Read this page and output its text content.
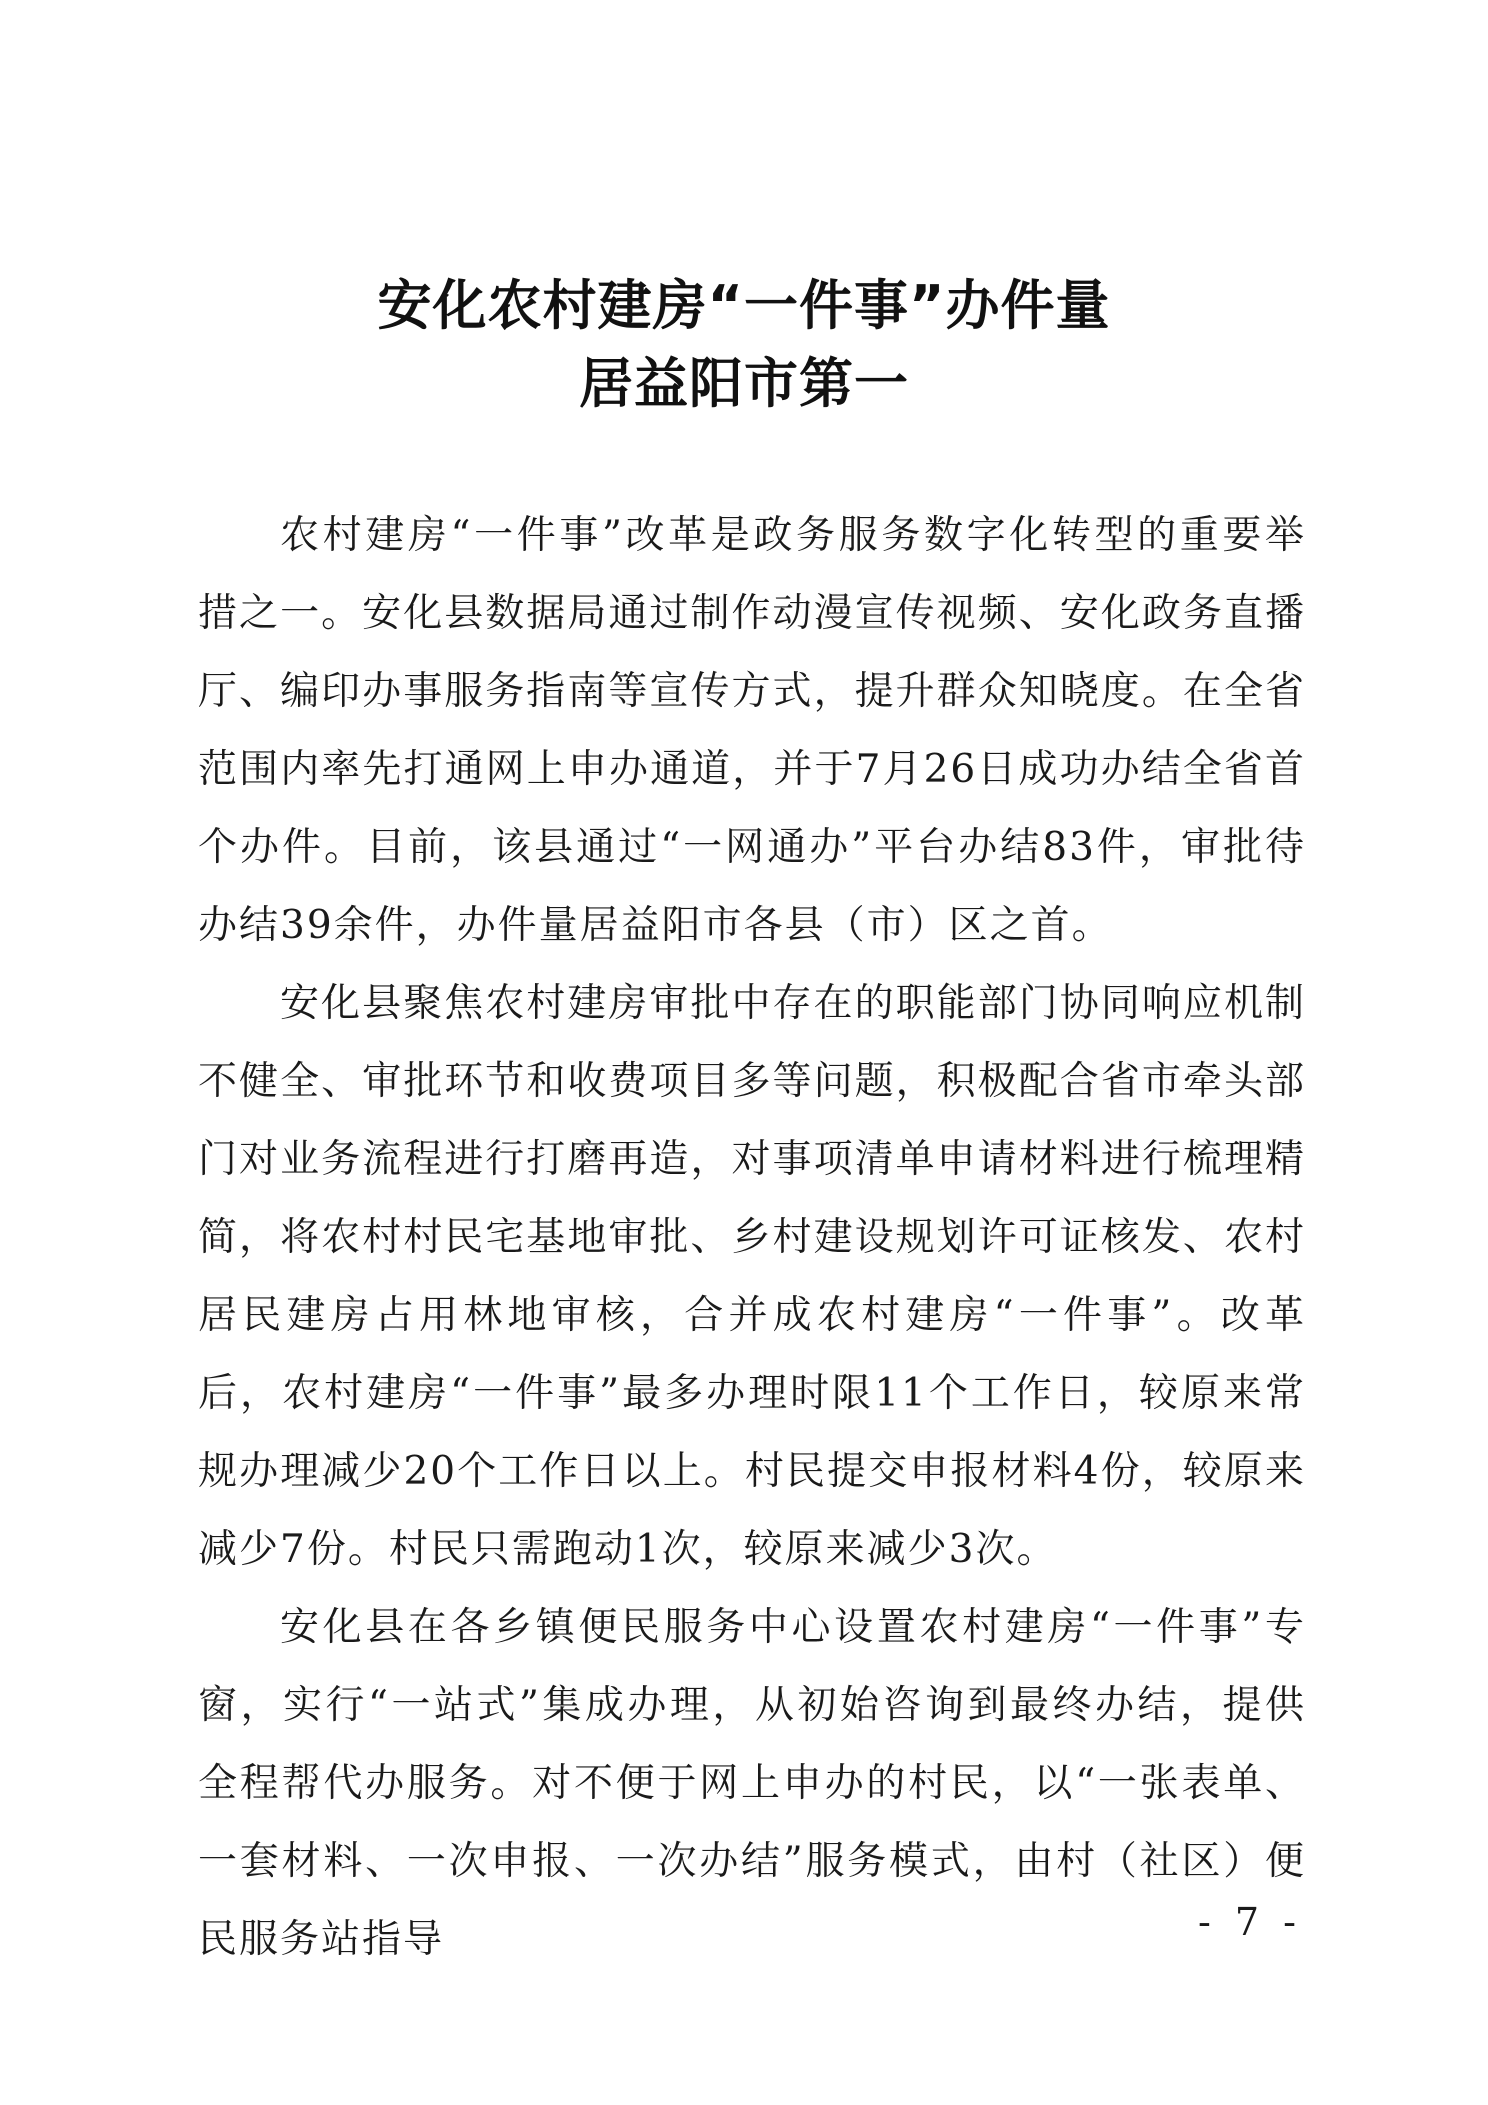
安化农村建房“一件事”办件量
居益阳市第一

农村建房“一件事”改革是政务服务数字化转型的重要举措之一。安化县数据局通过制作动漫宣传视频、安化政务直播厅、编印办事服务指南等宣传方式，提升群众知晓度。在全省范围内率先打通网上申办通道，并于7月26日成功办结全省首个办件。目前，该县通过“一网通办”平台办结83件，审批待办结39余件，办件量居益阳市各县（市）区之首。

安化县聚焦农村建房审批中存在的职能部门协同响应机制不健全、审批环节和收费项目多等问题，积极配合省市牵头部门对业务流程进行打磨再造，对事项清单申请材料进行梳理精简，将农村村民宅基地审批、乡村建设规划许可证核发、农村居民建房占用林地审核，合并成农村建房“一件事”。改革后，农村建房“一件事”最多办理时限11个工作日，较原来常规办理减少20个工作日以上。村民提交申报材料4份，较原来减少7份。村民只需跑动1次，较原来减少3次。

安化县在各乡镇便民服务中心设置农村建房“一件事”专窗，实行“一站式”集成办理，从初始咨询到最终办结，提供全程帮代办服务。对不便于网上申办的村民，以“一张表单、一套材料、一次申报、一次办结”服务模式，由村（社区）便民服务站指导	- 7 -
